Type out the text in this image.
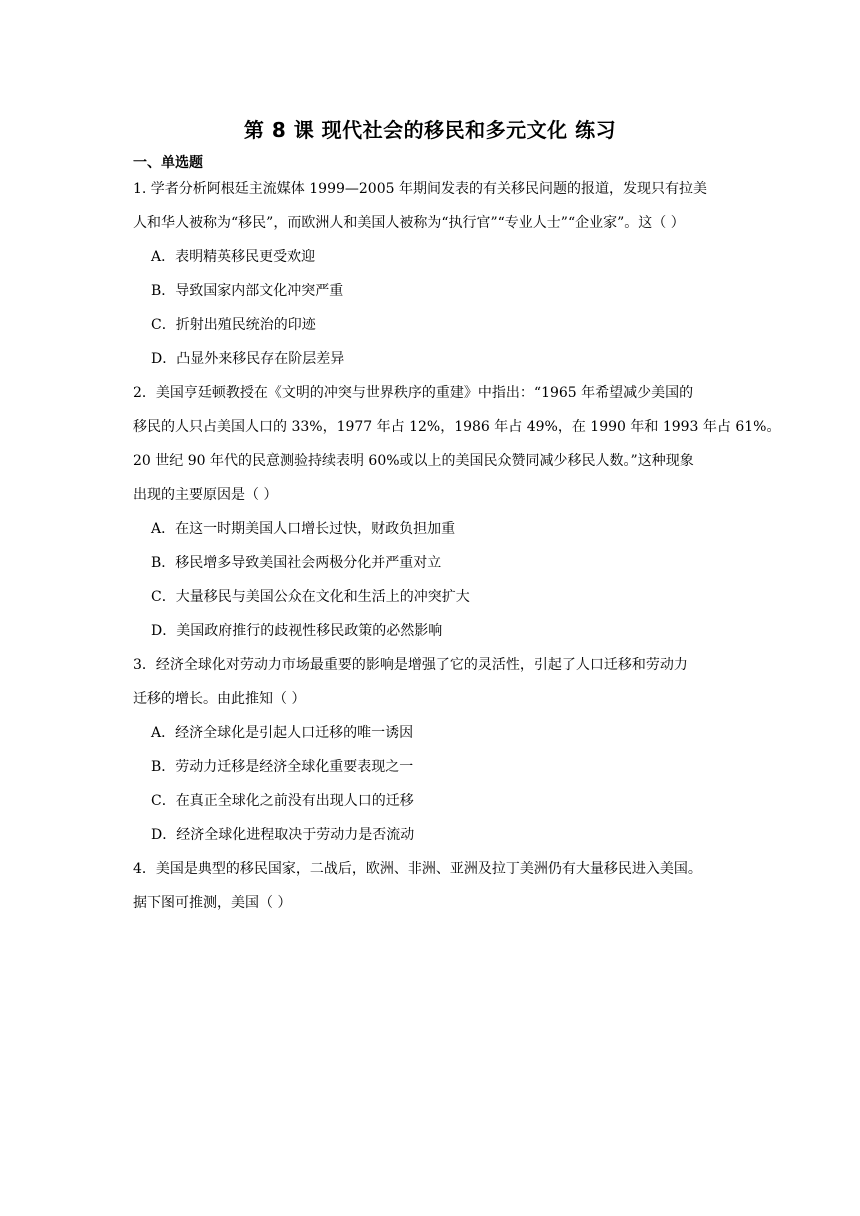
第 8 课 现代社会的移民和多元文化 练习
一、单选题
1. 学者分析阿根廷主流媒体 1999—2005 年期间发表的有关移民问题的报道，发现只有拉美
人和华人被称为“移民”，而欧洲人和美国人被称为“执行官”“专业人士”“企业家”。这（ ）
A．表明精英移民更受欢迎
B．导致国家内部文化冲突严重
C．折射出殖民统治的印迹
D．凸显外来移民存在阶层差异
2．美国亨廷顿教授在《文明的冲突与世界秩序的重建》中指出：“1965 年希望减少美国的
移民的人只占美国人口的 33%，1977 年占 12%，1986 年占 49%，在 1990 年和 1993 年占 61%。
20 世纪 90 年代的民意测验持续表明 60%或以上的美国民众赞同减少移民人数。”这种现象
出现的主要原因是（ ）
A．在这一时期美国人口增长过快，财政负担加重
B．移民增多导致美国社会两极分化并严重对立
C．大量移民与美国公众在文化和生活上的冲突扩大
D．美国政府推行的歧视性移民政策的必然影响
3．经济全球化对劳动力市场最重要的影响是增强了它的灵活性，引起了人口迁移和劳动力
迁移的增长。由此推知（ ）
A．经济全球化是引起人口迁移的唯一诱因
B．劳动力迁移是经济全球化重要表现之一
C．在真正全球化之前没有出现人口的迁移
D．经济全球化进程取决于劳动力是否流动
4．美国是典型的移民国家，二战后，欧洲、非洲、亚洲及拉丁美洲仍有大量移民进入美国。
据下图可推测，美国（ ）
